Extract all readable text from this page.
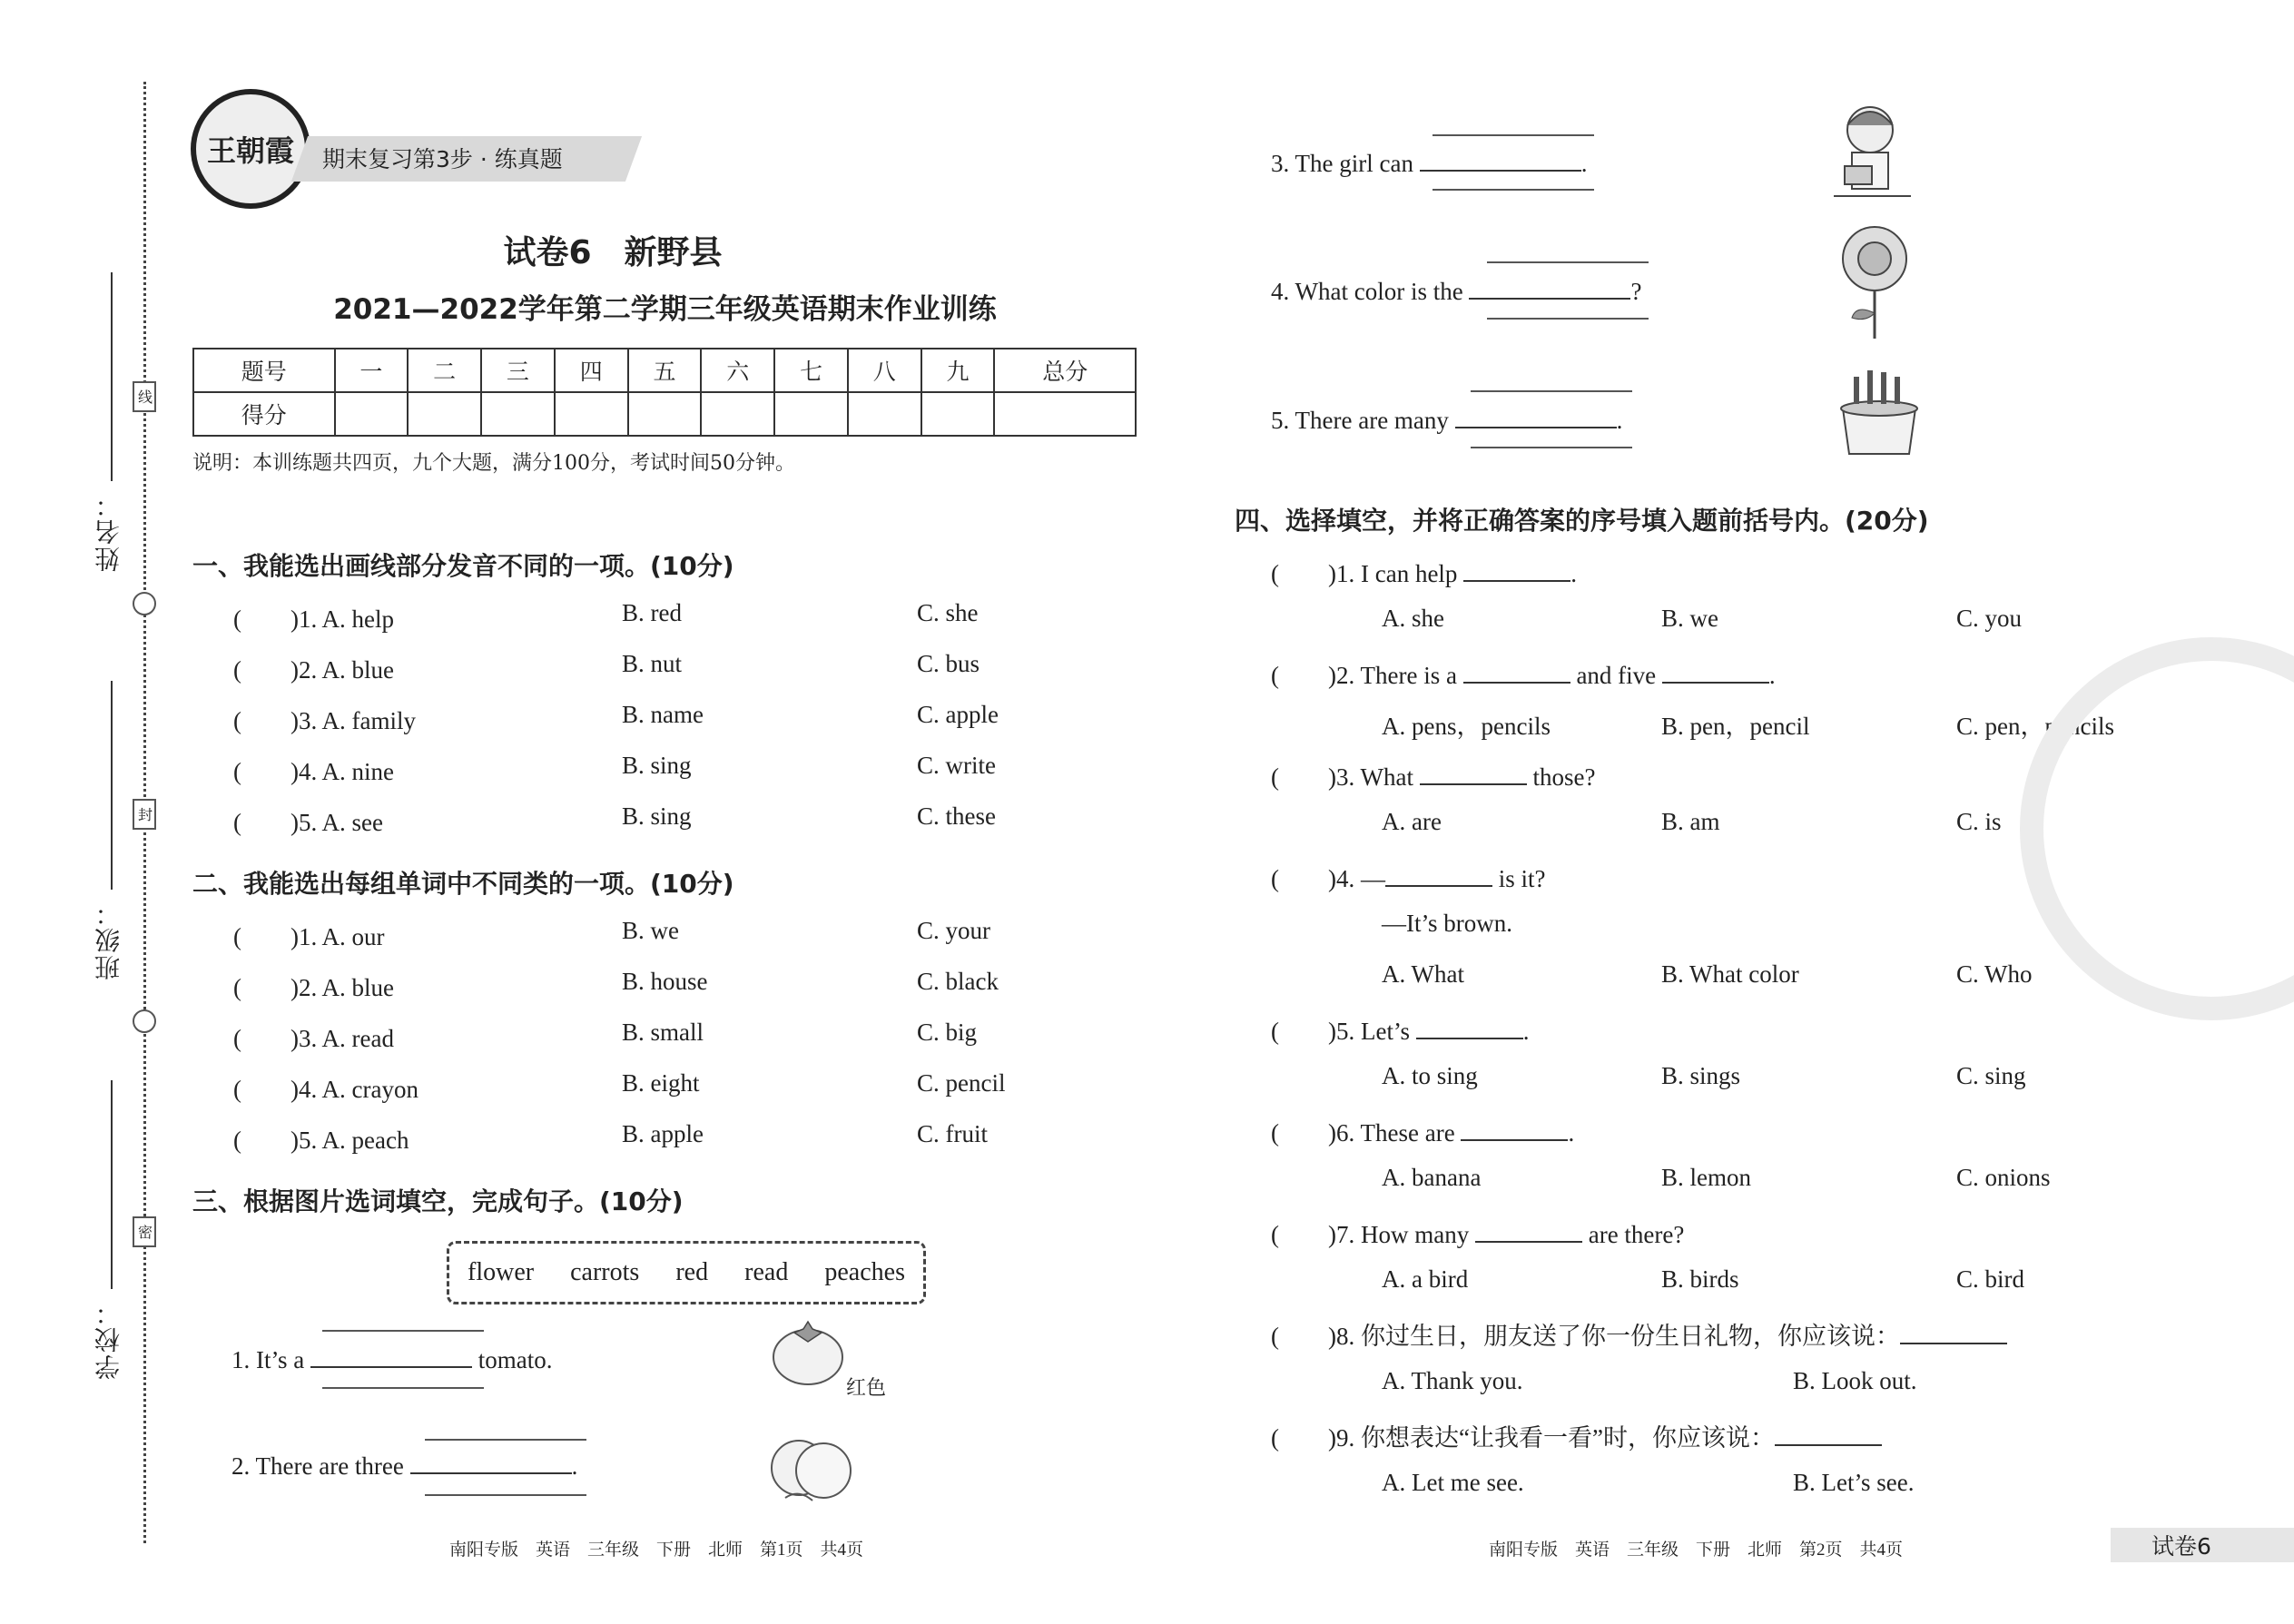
姓名：
班级：
学校：
线
封
密
王朝霞	期末复习第3步 · 练真题
试卷6　新野县
2021—2022学年第二学期三年级英语期末作业训练
题号	一	二	三	四	五	六	七	八	九	总分
得分										
说明：本训练题共四页，九个大题，满分100分，考试时间50分钟。
一、我能选出画线部分发音不同的一项。(10分)
(　　)1. A. help	B. red	C. she
(　　)2. A. blue	B. nut	C. bus
(　　)3. A. family	B. name	C. apple
(　　)4. A. nine	B. sing	C. write
(　　)5. A. see	B. sing	C. these
二、我能选出每组单词中不同类的一项。(10分)
(　　)1. A. our	B. we	C. your
(　　)2. A. blue	B. house	C. black
(　　)3. A. read	B. small	C. big
(　　)4. A. crayon	B. eight	C. pencil
(　　)5. A. peach	B. apple	C. fruit
三、根据图片选词填空，完成句子。(10分)
flower carrots red read peaches
1. It’s a	tomato.
红色
2. There are three	.
3. The girl can	.
4. What color is the	?
5. There are many	.
四、选择填空，并将正确答案的序号填入题前括号内。(20分)
(　　)1. I can help	.
A. she	B. we	C. you
(　　)2. There is a	and five	.
A. pens，pencils	B. pen，pencil	C. pen，pencils
(　　)3. What	those?
A. are	B. am	C. is
(　　)4. —	is it?
—It’s brown.
A. What	B. What color	C. Who
(　　)5. Let’s	.
A. to sing	B. sings	C. sing
(　　)6. These are	.
A. banana	B. lemon	C. onions
(　　)7. How many	are there?
A. a bird	B. birds	C. bird
(　　)8. 你过生日，朋友送了你一份生日礼物，你应该说：
A. Thank you.	B. Look out.
(　　)9. 你想表达“让我看一看”时，你应该说：
A. Let me see.	B. Let’s see.
南阳专版　英语　三年级　下册　北师　第1页　共4页	南阳专版　英语　三年级　下册　北师　第2页　共4页	试卷6
